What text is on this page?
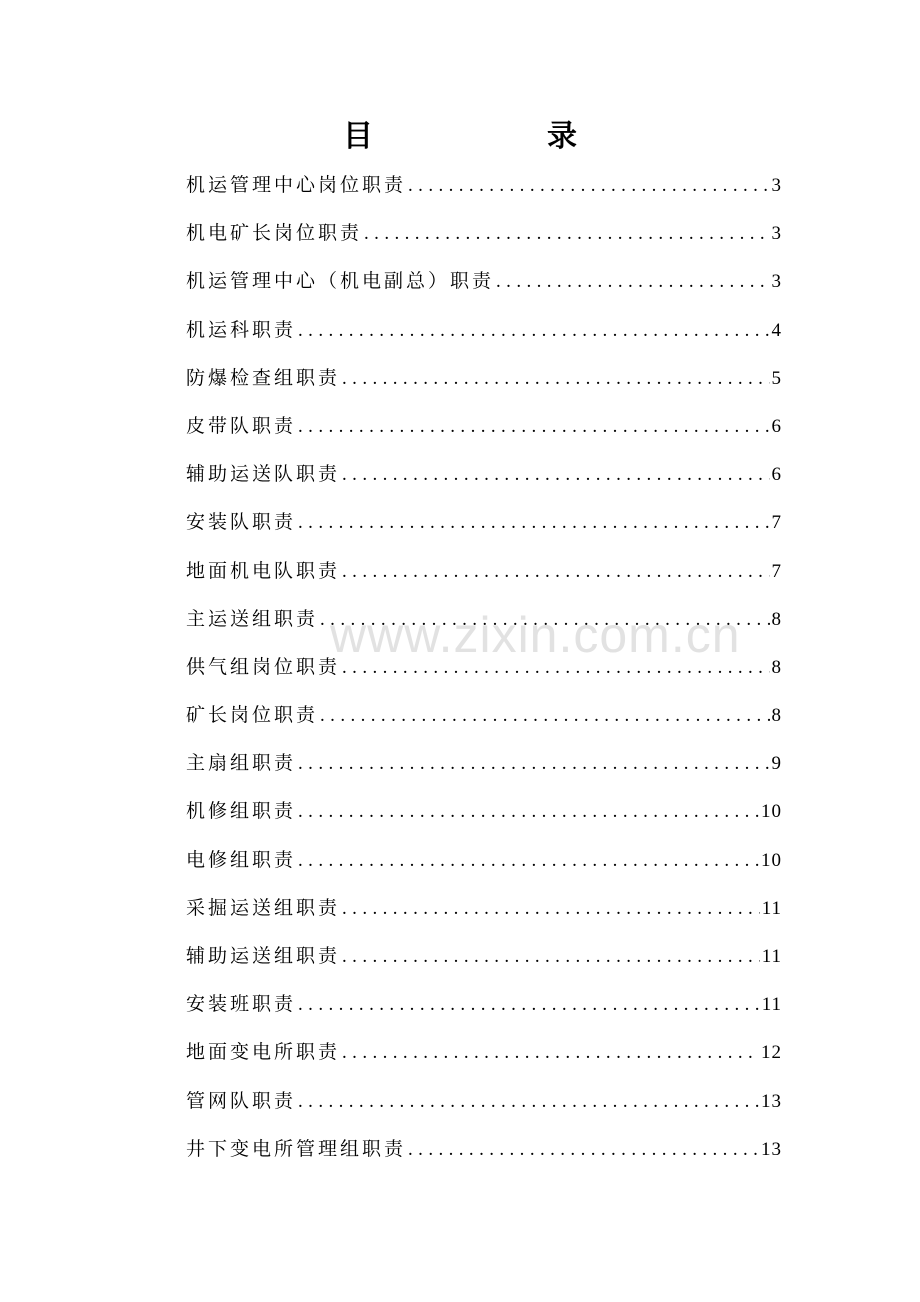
目　录
机运管理中心岗位职责 .....	3
机电矿长岗位职责 .....	3
机运管理中心（机电副总）职责 .....	3
机运科职责 .....	4
防爆检查组职责 .....	5
皮带队职责 .....	6
辅助运送队职责 .....	6
安装队职责 .....	7
地面机电队职责 .....	7
主运送组职责 .....	8
供气组岗位职责 .....	8
矿长岗位职责 .....	8
主扇组职责 .....	9
机修组职责 .....	10
电修组职责 .....	10
采掘运送组职责 .....	11
辅助运送组职责 .....	11
安装班职责 .....	11
地面变电所职责 .....	12
管网队职责 .....	13
井下变电所管理组职责 .....	13
www.zixin.com.cn
